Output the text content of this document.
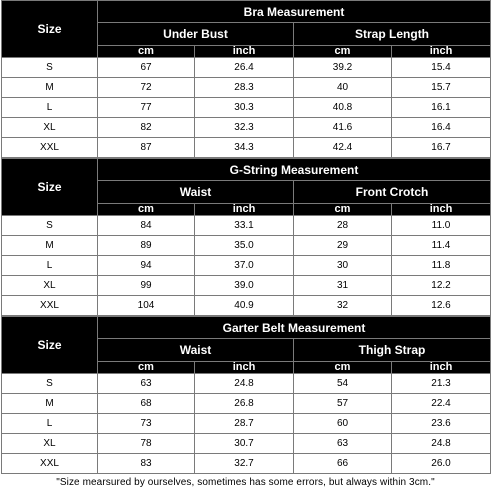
Size	Bra Measurement			
	Under Bust		Strap Length	
	cm	inch	cm	inch
S	67	26.4	39.2	15.4
M	72	28.3	40	15.7
L	77	30.3	40.8	16.1
XL	82	32.3	41.6	16.4
XXL	87	34.3	42.4	16.7
Size	G-String Measurement			
	Waist		Front Crotch	
	cm	inch	cm	inch
S	84	33.1	28	11.0
M	89	35.0	29	11.4
L	94	37.0	30	11.8
XL	99	39.0	31	12.2
XXL	104	40.9	32	12.6
Size	Garter Belt Measurement			
	Waist		Thigh Strap	
	cm	inch	cm	inch
S	63	24.8	54	21.3
M	68	26.8	57	22.4
L	73	28.7	60	23.6
XL	78	30.7	63	24.8
XXL	83	32.7	66	26.0
"Size mearsured by ourselves, sometimes has some errors, but always within 3cm."
